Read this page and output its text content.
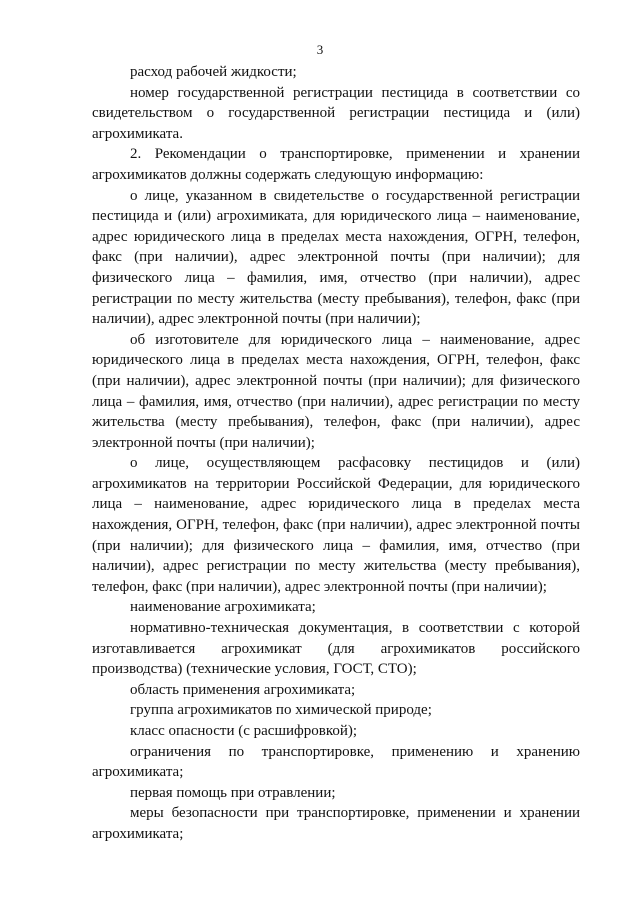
3

расход рабочей жидкости;

номер государственной регистрации пестицида в соответствии со свидетельством о государственной регистрации пестицида и (или) агрохимиката.

2. Рекомендации о транспортировке, применении и хранении агрохимикатов должны содержать следующую информацию:

о лице, указанном в свидетельстве о государственной регистрации пестицида и (или) агрохимиката, для юридического лица – наименование, адрес юридического лица в пределах места нахождения, ОГРН, телефон, факс (при наличии), адрес электронной почты (при наличии); для физического лица – фамилия, имя, отчество (при наличии), адрес регистрации по месту жительства (месту пребывания), телефон, факс (при наличии), адрес электронной почты (при наличии);

об изготовителе для юридического лица – наименование, адрес юридического лица в пределах места нахождения, ОГРН, телефон, факс (при наличии), адрес электронной почты (при наличии); для физического лица – фамилия, имя, отчество (при наличии), адрес регистрации по месту жительства (месту пребывания), телефон, факс (при наличии), адрес электронной почты (при наличии);

о лице, осуществляющем расфасовку пестицидов и (или) агрохимикатов на территории Российской Федерации, для юридического лица – наименование, адрес юридического лица в пределах места нахождения, ОГРН, телефон, факс (при наличии), адрес электронной почты (при наличии); для физического лица – фамилия, имя, отчество (при наличии), адрес регистрации по месту жительства (месту пребывания), телефон, факс (при наличии), адрес электронной почты (при наличии);

наименование агрохимиката;

нормативно-техническая документация, в соответствии с которой изготавливается агрохимикат (для агрохимикатов российского производства) (технические условия, ГОСТ, СТО);

область применения агрохимиката;

группа агрохимикатов по химической природе;

класс опасности (с расшифровкой);

ограничения по транспортировке, применению и хранению агрохимиката;

первая помощь при отравлении;

меры безопасности при транспортировке, применении и хранении агрохимиката;
